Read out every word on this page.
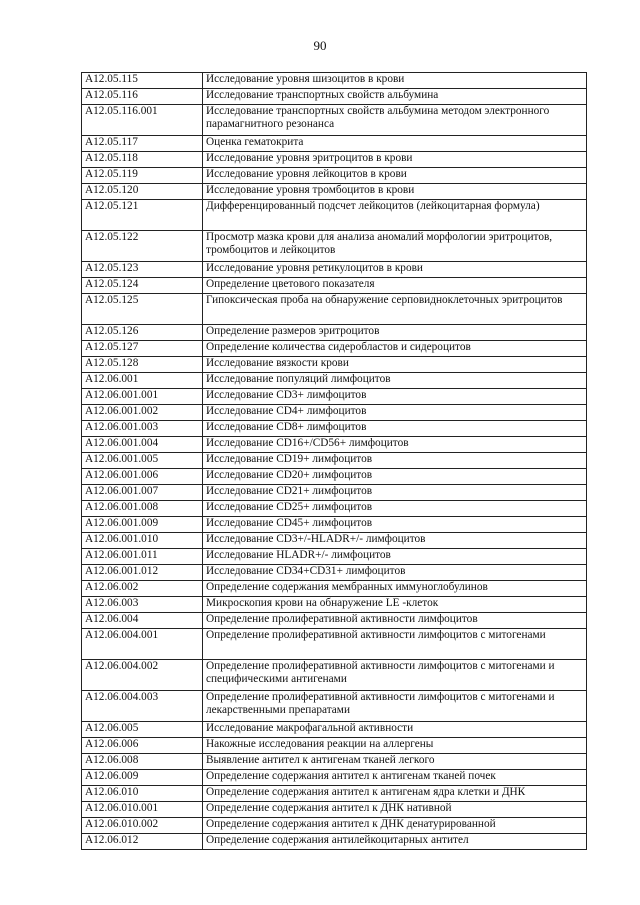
90
A12.05.115	Исследование уровня шизоцитов в крови
A12.05.116	Исследование транспортных свойств альбумина
A12.05.116.001	Исследование транспортных свойств альбумина методом электронного парамагнитного резонанса
A12.05.117	Оценка гематокрита
A12.05.118	Исследование уровня эритроцитов в крови
A12.05.119	Исследование уровня лейкоцитов в крови
A12.05.120	Исследование уровня тромбоцитов в крови
A12.05.121	Дифференцированный подсчет лейкоцитов (лейкоцитарная формула)
A12.05.122	Просмотр мазка крови для анализа аномалий морфологии эритроцитов, тромбоцитов и лейкоцитов
A12.05.123	Исследование уровня ретикулоцитов в крови
A12.05.124	Определение цветового показателя
A12.05.125	Гипоксическая проба на обнаружение серповидноклеточных эритроцитов
A12.05.126	Определение размеров эритроцитов
A12.05.127	Определение количества сидеробластов и сидероцитов
A12.05.128	Исследование вязкости крови
A12.06.001	Исследование популяций лимфоцитов
A12.06.001.001	Исследование CD3+ лимфоцитов
A12.06.001.002	Исследование CD4+ лимфоцитов
A12.06.001.003	Исследование CD8+ лимфоцитов
A12.06.001.004	Исследование CD16+/CD56+ лимфоцитов
A12.06.001.005	Исследование CD19+ лимфоцитов
A12.06.001.006	Исследование CD20+ лимфоцитов
A12.06.001.007	Исследование CD21+ лимфоцитов
A12.06.001.008	Исследование CD25+ лимфоцитов
A12.06.001.009	Исследование CD45+ лимфоцитов
A12.06.001.010	Исследование CD3+/-HLADR+/- лимфоцитов
A12.06.001.011	Исследование HLADR+/- лимфоцитов
A12.06.001.012	Исследование CD34+CD31+ лимфоцитов
A12.06.002	Определение содержания мембранных иммуноглобулинов
A12.06.003	Микроскопия крови на обнаружение LE -клеток
A12.06.004	Определение пролиферативной активности лимфоцитов
A12.06.004.001	Определение пролиферативной активности лимфоцитов с митогенами
A12.06.004.002	Определение пролиферативной активности лимфоцитов с митогенами и специфическими антигенами
A12.06.004.003	Определение пролиферативной активности лимфоцитов с митогенами и лекарственными препаратами
A12.06.005	Исследование макрофагальной активности
A12.06.006	Накожные исследования реакции на аллергены
A12.06.008	Выявление антител к антигенам тканей легкого
A12.06.009	Определение содержания антител к антигенам тканей почек
A12.06.010	Определение содержания антител к антигенам ядра клетки и ДНК
A12.06.010.001	Определение содержания антител к ДНК нативной
A12.06.010.002	Определение содержания антител к ДНК денатурированной
A12.06.012	Определение содержания антилейкоцитарных антител
